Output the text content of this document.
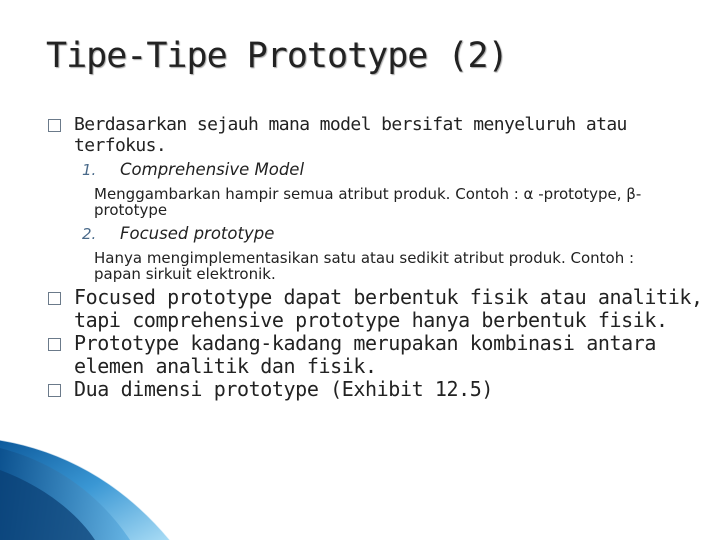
Tipe-Tipe Prototype (2)
Berdasarkan sejauh mana model bersifat menyeluruh atau terfokus.
1. Comprehensive Model
Menggambarkan hampir semua atribut produk. Contoh : α -prototype, β-prototype
2. Focused prototype
Hanya mengimplementasikan satu atau sedikit atribut produk. Contoh : papan sirkuit elektronik.
Focused prototype dapat berbentuk fisik atau analitik, tapi comprehensive prototype hanya berbentuk fisik.
Prototype kadang-kadang merupakan kombinasi antara elemen analitik dan fisik.
Dua dimensi prototype (Exhibit 12.5)
